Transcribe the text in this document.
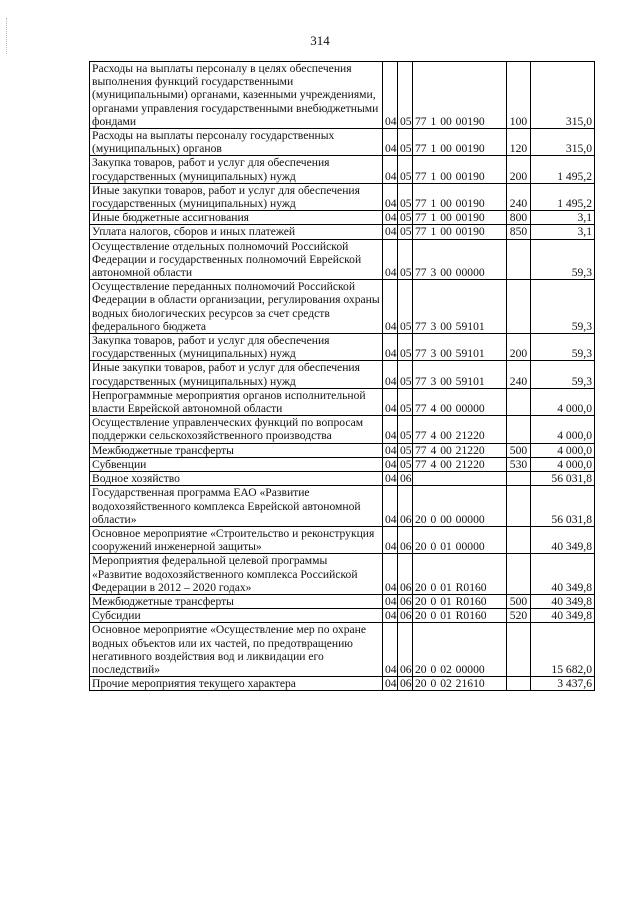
314
Расходы на выплаты персоналу в целях обеспечения выполнения функций государственными (муниципальными) органами, казенными учреждениями, органами управления государственными внебюджетными фондами	04	05	77 1 00 00190	100	315,0
Расходы на выплаты персоналу государственных (муниципальных) органов	04	05	77 1 00 00190	120	315,0
Закупка товаров, работ и услуг для обеспечения государственных (муниципальных) нужд	04	05	77 1 00 00190	200	1 495,2
Иные закупки товаров, работ и услуг для обеспечения государственных (муниципальных) нужд	04	05	77 1 00 00190	240	1 495,2
Иные бюджетные ассигнования	04	05	77 1 00 00190	800	3,1
Уплата налогов, сборов и иных платежей	04	05	77 1 00 00190	850	3,1
Осуществление отдельных полномочий Российской Федерации и государственных полномочий Еврейской автономной области	04	05	77 3 00 00000		59,3
Осуществление переданных полномочий Российской Федерации в области организации, регулирования охраны водных биологических ресурсов за счет средств федерального бюджета	04	05	77 3 00 59101		59,3
Закупка товаров, работ и услуг для обеспечения государственных (муниципальных) нужд	04	05	77 3 00 59101	200	59,3
Иные закупки товаров, работ и услуг для обеспечения государственных (муниципальных) нужд	04	05	77 3 00 59101	240	59,3
Непрограммные мероприятия органов исполнительной власти Еврейской автономной области	04	05	77 4 00 00000		4 000,0
Осуществление управленческих функций по вопросам поддержки сельскохозяйственного производства	04	05	77 4 00 21220		4 000,0
Межбюджетные трансферты	04	05	77 4 00 21220	500	4 000,0
Субвенции	04	05	77 4 00 21220	530	4 000,0
Водное хозяйство	04	06			56 031,8
Государственная программа ЕАО «Развитие водохозяйственного комплекса Еврейской автономной области»	04	06	20 0 00 00000		56 031,8
Основное мероприятие «Строительство и реконструкция сооружений инженерной защиты»	04	06	20 0 01 00000		40 349,8
Мероприятия федеральной целевой программы «Развитие водохозяйственного комплекса Российской Федерации в 2012 – 2020 годах»	04	06	20 0 01 R0160		40 349,8
Межбюджетные трансферты	04	06	20 0 01 R0160	500	40 349,8
Субсидии	04	06	20 0 01 R0160	520	40 349,8
Основное мероприятие «Осуществление мер по охране водных объектов или их частей, по предотвращению негативного воздействия вод и ликвидации его последствий»	04	06	20 0 02 00000		15 682,0
Прочие мероприятия текущего характера	04	06	20 0 02 21610		3 437,6
